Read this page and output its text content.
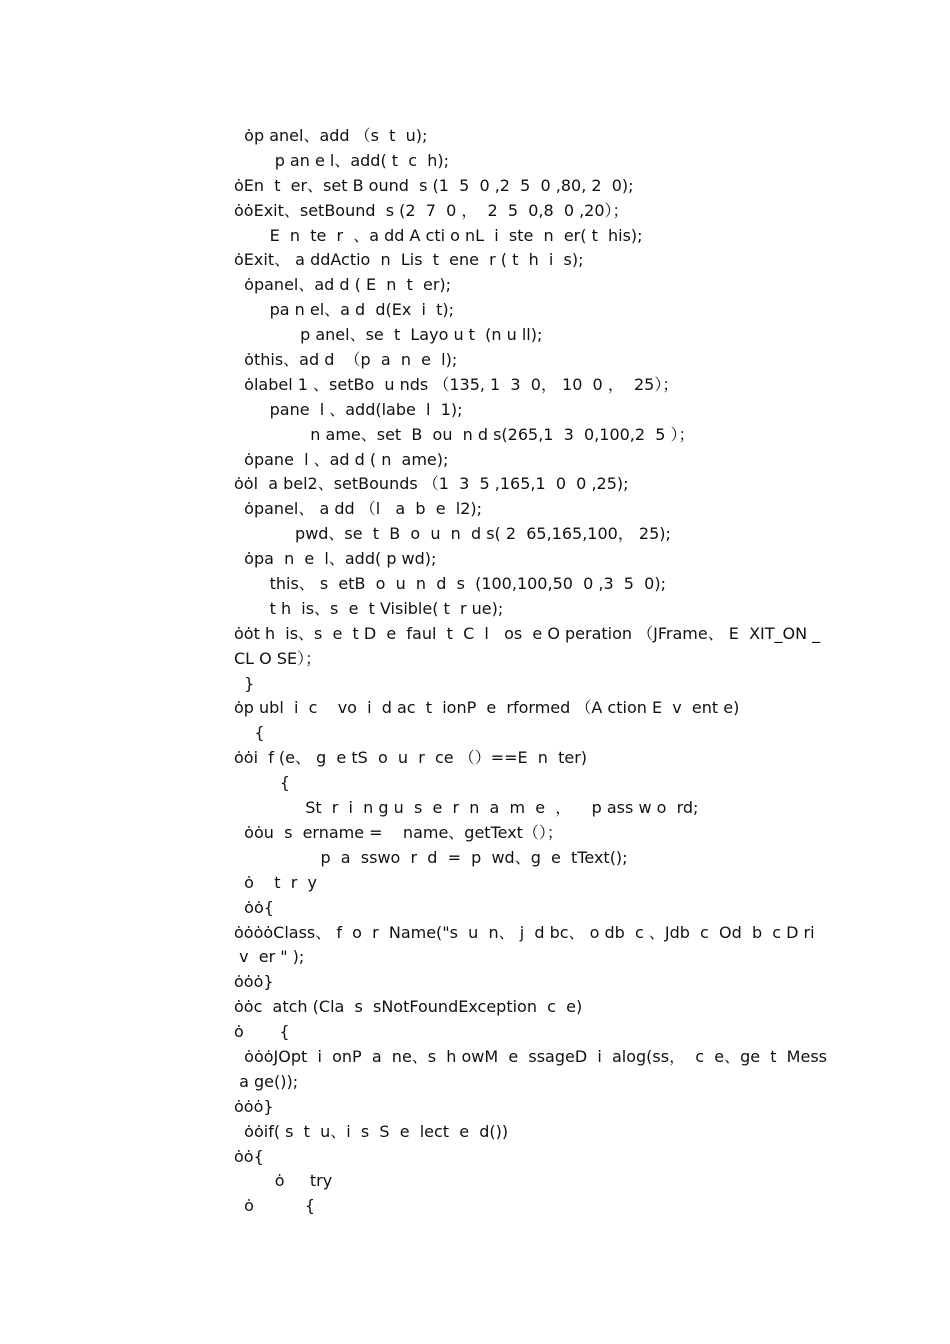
ȯp anel、add （s  t  u);
p an e l、add( t  c  h);
ȯEn  t  er、set B ound  s (1  5  0 ,2  5  0 ,80, 2  0);
ȯȯExit、setBound  s (2  7  0 ，  2  5  0,8  0 ,20）；
E  n  te  r  、a dd A cti o nL  i  ste  n  er( t  his);
ȯExit、 a ddActio  n  Lis  t  ene  r ( t  h  i  s);
ȯpanel、ad d ( E  n  t  er);
pa n el、a d  d(Ex  i  t);
p anel、se  t  Layo u t  (n u ll);
ȯthis、ad d  （p  a  n  e  l);
ȯlabel 1 、setBo  u nds （135, 1  3  0， 10  0 ，  25）；
pane  l 、add(labe  l  1);
n ame、set  B  ou  n d s(265,1  3  0,100,2  5 ）；
ȯpane  l 、ad d ( n  ame);
ȯȯl  a bel2、setBounds （1  3  5 ,165,1  0  0 ,25);
ȯpanel、 a dd （l   a  b  e  l2);
pwd、se  t  B  o  u  n  d s( 2  65,165,100， 25);
ȯpa  n  e  l、add( p wd);
this、 s  etB  o  u  n  d  s  (100,100,50  0 ,3  5  0);
t h  is、s  e  t Visible( t  r ue);
ȯȯt h  is、s  e  t D  e  faul  t  C  l   os  e O peration （JFrame、 E  XIT_ON _
CL O SE）；
}
ȯp ubl  i  c    vo  i  d ac  t  ionP  e  rformed （A ction E  v  ent e)
{
ȯȯi  f (e、 g  e tS  o  u  r  ce （）==E  n  ter)
{
St  r  i  n g u  s  e  r  n  a  m  e  ，    p ass w o  rd;
ȯȯu  s  ername =    name、getText（）；
p  a  sswo  r  d  =  p  wd、g  e  tText();
ȯ    t  r  y
ȯȯ{
ȯȯȯȯClass、 f  o  r  Name("s  u  n、 j  d bc、 o db  c 、Jdb  c  Od  b  c D ri
v  er " );
ȯȯȯ}
ȯȯc  atch (Cla  s  sNotFoundException  c  e)
ȯ       {
ȯȯȯJOpt  i  onP  a  ne、s  h owM  e  ssageD  i  alog(ss，  c  e、ge  t  Mess
a ge());
ȯȯȯ}
ȯȯif( s  t  u、i  s  S  e  lect  e  d())
ȯȯ{
ȯ     try
ȯ          {
